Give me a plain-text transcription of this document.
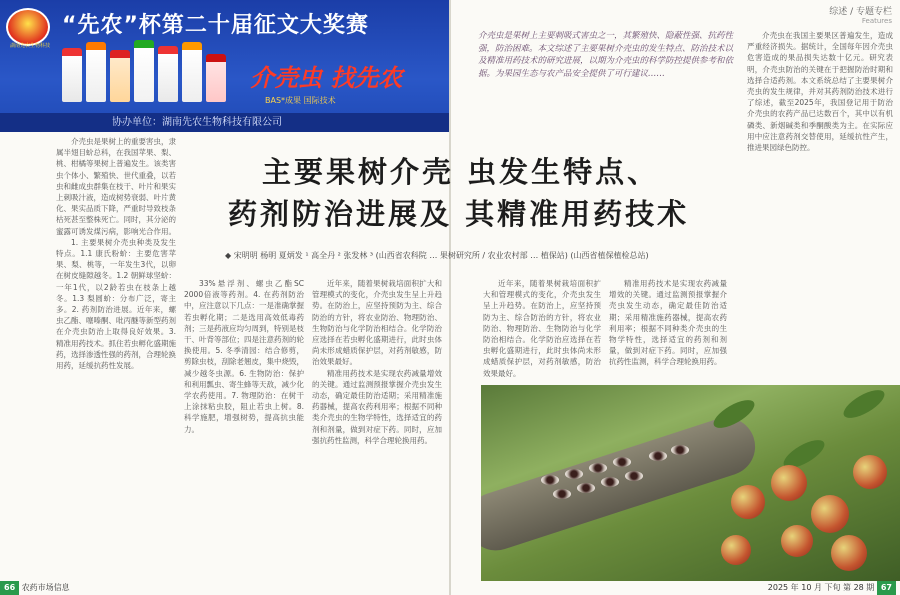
湖南先农生物科技
“先农”杯第二十届征文大奖赛
介壳虫 找先农
BAS*成果 国际技术
协办单位：湖南先农生物科技有限公司

介壳虫是果树上的重要害虫，隶属半翅目蚧总科，在我国苹果、梨、桃、柑橘等果树上普遍发生。该类害虫个体小、繁殖快、世代重叠，以若虫和雌成虫群集在枝干、叶片和果实上刺吸汁液，造成树势衰弱、叶片黄化、果实品质下降，严重时导致枝条枯死甚至整株死亡。同时，其分泌的蜜露可诱发煤污病，影响光合作用。

1. 主要果树介壳虫种类及发生特点。1.1 康氏粉蚧：主要危害苹果、梨、桃等，一年发生3代，以卵在树皮缝隙越冬。1.2 朝鲜球坚蚧：一年1代，以2龄若虫在枝条上越冬。1.3 梨圆蚧：分布广泛，寄主多。2. 药剂防治进展。近年来，螺虫乙酯、噻嗪酮、吡丙醚等新型药剂在介壳虫防治上取得良好效果。3. 精准用药技术。抓住若虫孵化盛期施药，选择渗透性强的药剂，合理轮换用药，延缓抗药性发展。

33%悬浮剂、螺虫乙酯SC 2000倍液等药剂。4. 在药剂防治中，应注意以下几点：一是准确掌握若虫孵化期；二是选用高效低毒药剂；三是药液应均匀周到，特别是枝干、叶背等部位；四是注意药剂的轮换使用。5. 冬季清园：结合修剪，剪除虫枝，刮除老翘皮，集中烧毁，减少越冬虫源。6. 生物防治：保护和利用瓢虫、寄生蜂等天敌，减少化学农药使用。7. 物理防治：在树干上涂抹粘虫胶，阻止若虫上树。8. 科学施肥，增强树势，提高抗虫能力。

近年来，随着果树栽培面积扩大和管理模式的变化，介壳虫发生呈上升趋势。在防治上，应坚持预防为主、综合防治的方针，将农业防治、物理防治、生物防治与化学防治相结合。化学防治应选择在若虫孵化盛期进行，此时虫体尚未形成蜡质保护层，对药剂敏感，防治效果最好。

精准用药技术是实现农药减量增效的关键。通过监测预报掌握介壳虫发生动态，确定最佳防治适期；采用精准施药器械，提高农药利用率；根据不同种类介壳虫的生物学特性，选择适宜的药剂和剂量，做到对症下药。同时，应加强抗药性监测，科学合理轮换用药。

66 农药市场信息
综述 / 专题专栏
Features

近年来，随着果树栽培面积扩大和管理模式的变化，介壳虫发生呈上升趋势。在防治上，应坚持预防为主、综合防治的方针，将农业防治、物理防治、生物防治与化学防治相结合。化学防治应选择在若虫孵化盛期进行，此时虫体尚未形成蜡质保护层，对药剂敏感，防治效果最好。

精准用药技术是实现农药减量增效的关键。通过监测预报掌握介壳虫发生动态，确定最佳防治适期；采用精准施药器械，提高农药利用率；根据不同种类介壳虫的生物学特性，选择适宜的药剂和剂量，做到对症下药。同时，应加强抗药性监测，科学合理轮换用药。

介壳虫在我国主要果区普遍发生，造成严重经济损失。据统计，全国每年因介壳虫危害造成的果品损失达数十亿元。研究表明，介壳虫防治的关键在于把握防治时期和选择合适药剂。本文系统总结了主要果树介壳虫的发生规律，并对其药剂防治技术进行了综述，截至2025年，我国登记用于防治介壳虫的农药产品已达数百个，其中以有机磷类、新烟碱类和季酮酸类为主。在实际应用中应注意药剂交替使用，延缓抗性产生，推进果园绿色防控。

2025 年 10 月 下旬 第 28 期 67
介壳虫是果树上主要刺吸式害虫之一，其繁殖快、隐蔽性强、抗药性强，防治困难。本文综述了主要果树介壳虫的发生特点、防治技术以及精准用药技术的研究进展，以期为介壳虫的科学防控提供参考和依据。为果园生态与农产品安全提供了可行建议……
主要果树介壳 虫发生特点、
药剂防治进展及 其精准用药技术
◆ 宋明明 杨明 夏炳发 ¹ 高全丹 ² 张发林 ³ (山西省农科院 … 果树研究所 / 农业农村部 … 植保站) (山西省植保植检总站)
